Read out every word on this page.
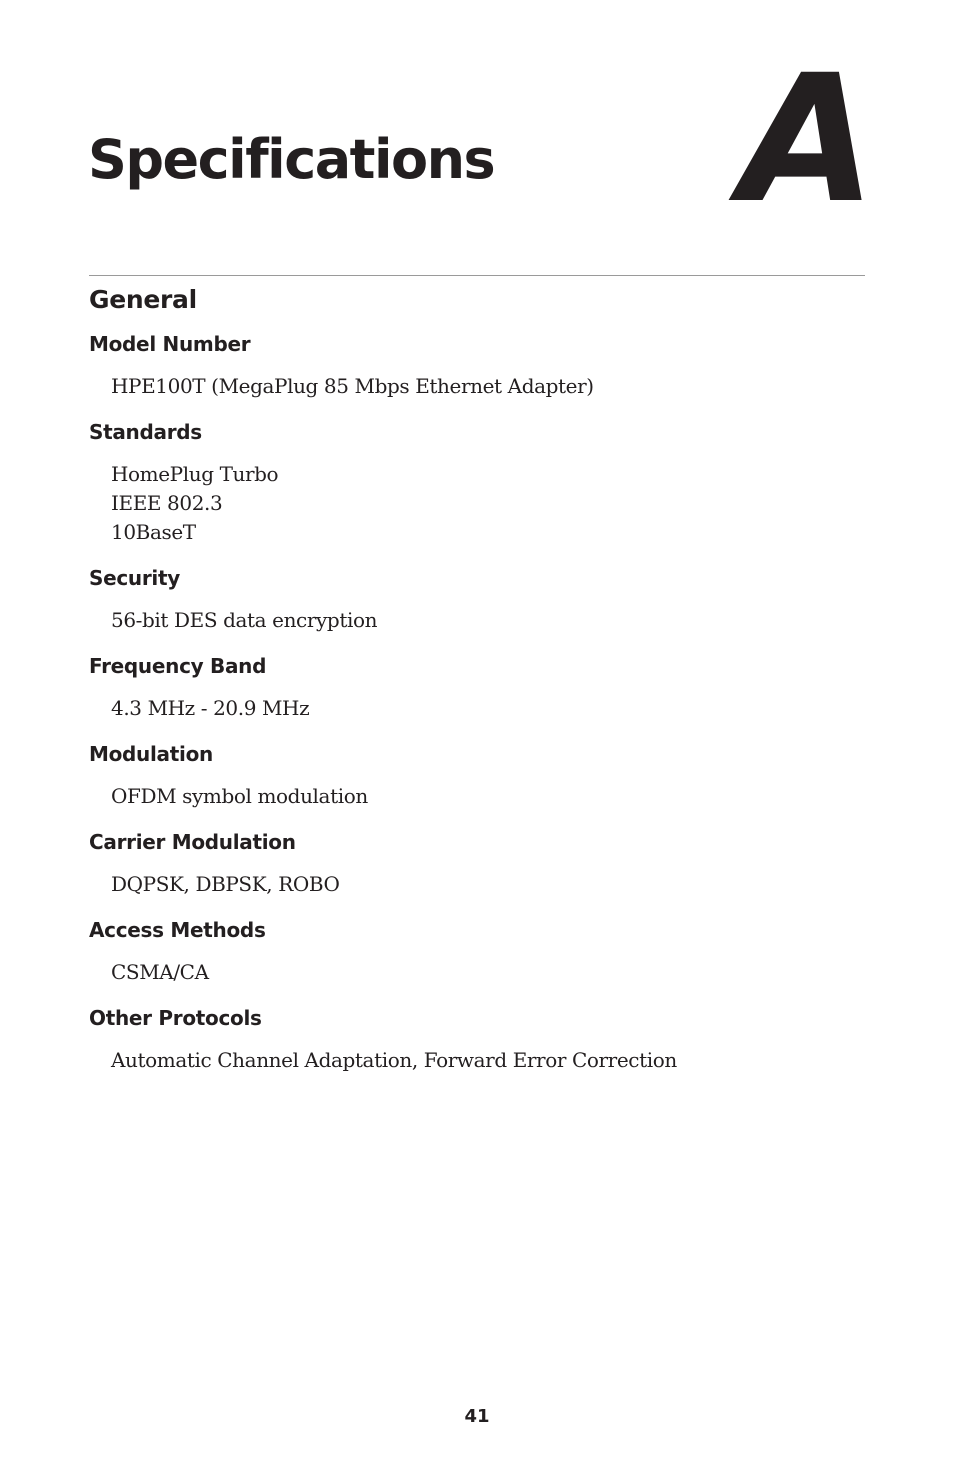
Specifications A
General
Model Number
HPE100T (MegaPlug 85 Mbps Ethernet Adapter)
Standards
HomePlug Turbo
IEEE 802.3
10BaseT
Security
56-bit DES data encryption
Frequency Band
4.3 MHz - 20.9 MHz
Modulation
OFDM symbol modulation
Carrier Modulation
DQPSK, DBPSK, ROBO
Access Methods
CSMA/CA
Other Protocols
Automatic Channel Adaptation, Forward Error Correction
41
